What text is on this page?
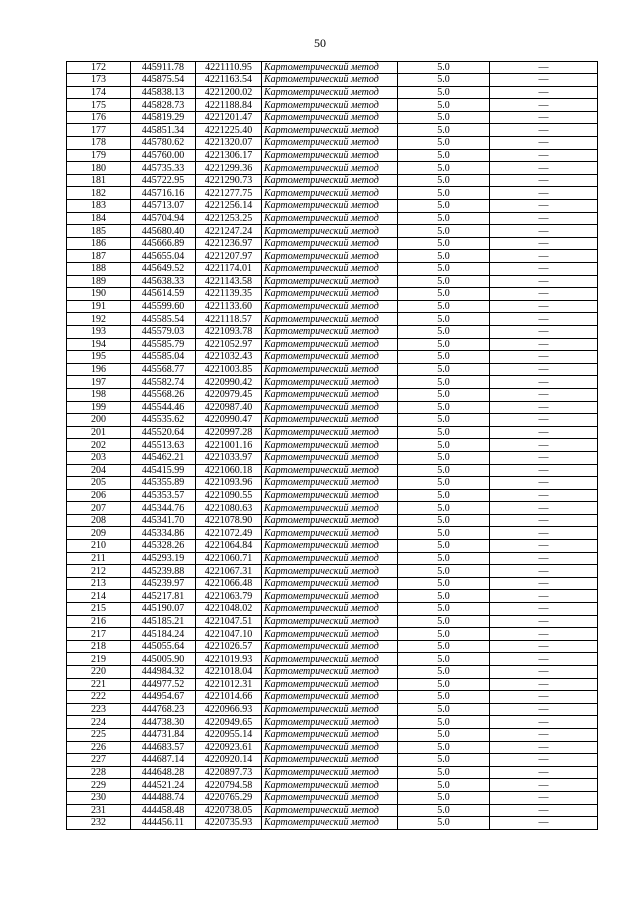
50
172	445911.78	4221110.95	Картометрический метод	5.0	—
173	445875.54	4221163.54	Картометрический метод	5.0	—
174	445838.13	4221200.02	Картометрический метод	5.0	—
175	445828.73	4221188.84	Картометрический метод	5.0	—
176	445819.29	4221201.47	Картометрический метод	5.0	—
177	445851.34	4221225.40	Картометрический метод	5.0	—
178	445780.62	4221320.07	Картометрический метод	5.0	—
179	445760.00	4221306.17	Картометрический метод	5.0	—
180	445735.33	4221299.36	Картометрический метод	5.0	—
181	445722.95	4221290.73	Картометрический метод	5.0	—
182	445716.16	4221277.75	Картометрический метод	5.0	—
183	445713.07	4221256.14	Картометрический метод	5.0	—
184	445704.94	4221253.25	Картометрический метод	5.0	—
185	445680.40	4221247.24	Картометрический метод	5.0	—
186	445666.89	4221236.97	Картометрический метод	5.0	—
187	445655.04	4221207.97	Картометрический метод	5.0	—
188	445649.52	4221174.01	Картометрический метод	5.0	—
189	445638.33	4221143.58	Картометрический метод	5.0	—
190	445614.59	4221139.35	Картометрический метод	5.0	—
191	445599.60	4221133.60	Картометрический метод	5.0	—
192	445585.54	4221118.57	Картометрический метод	5.0	—
193	445579.03	4221093.78	Картометрический метод	5.0	—
194	445585.79	4221052.97	Картометрический метод	5.0	—
195	445585.04	4221032.43	Картометрический метод	5.0	—
196	445568.77	4221003.85	Картометрический метод	5.0	—
197	445582.74	4220990.42	Картометрический метод	5.0	—
198	445568.26	4220979.45	Картометрический метод	5.0	—
199	445544.46	4220987.40	Картометрический метод	5.0	—
200	445535.62	4220990.47	Картометрический метод	5.0	—
201	445520.64	4220997.28	Картометрический метод	5.0	—
202	445513.63	4221001.16	Картометрический метод	5.0	—
203	445462.21	4221033.97	Картометрический метод	5.0	—
204	445415.99	4221060.18	Картометрический метод	5.0	—
205	445355.89	4221093.96	Картометрический метод	5.0	—
206	445353.57	4221090.55	Картометрический метод	5.0	—
207	445344.76	4221080.63	Картометрический метод	5.0	—
208	445341.70	4221078.90	Картометрический метод	5.0	—
209	445334.86	4221072.49	Картометрический метод	5.0	—
210	445328.26	4221064.84	Картометрический метод	5.0	—
211	445293.19	4221060.71	Картометрический метод	5.0	—
212	445239.88	4221067.31	Картометрический метод	5.0	—
213	445239.97	4221066.48	Картометрический метод	5.0	—
214	445217.81	4221063.79	Картометрический метод	5.0	—
215	445190.07	4221048.02	Картометрический метод	5.0	—
216	445185.21	4221047.51	Картометрический метод	5.0	—
217	445184.24	4221047.10	Картометрический метод	5.0	—
218	445055.64	4221026.57	Картометрический метод	5.0	—
219	445005.90	4221019.93	Картометрический метод	5.0	—
220	444984.32	4221018.04	Картометрический метод	5.0	—
221	444977.52	4221012.31	Картометрический метод	5.0	—
222	444954.67	4221014.66	Картометрический метод	5.0	—
223	444768.23	4220966.93	Картометрический метод	5.0	—
224	444738.30	4220949.65	Картометрический метод	5.0	—
225	444731.84	4220955.14	Картометрический метод	5.0	—
226	444683.57	4220923.61	Картометрический метод	5.0	—
227	444687.14	4220920.14	Картометрический метод	5.0	—
228	444648.28	4220897.73	Картометрический метод	5.0	—
229	444521.24	4220794.58	Картометрический метод	5.0	—
230	444488.74	4220765.29	Картометрический метод	5.0	—
231	444458.48	4220738.05	Картометрический метод	5.0	—
232	444456.11	4220735.93	Картометрический метод	5.0	—
